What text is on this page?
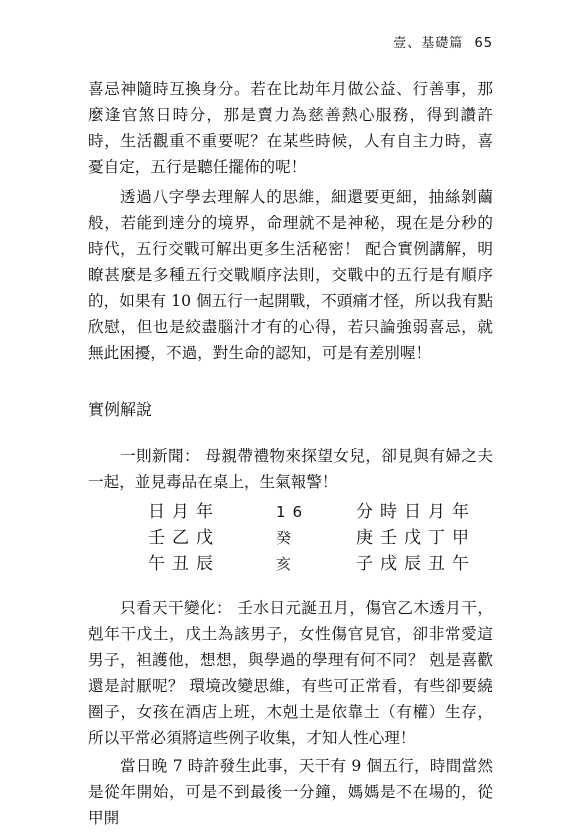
壹、基礎篇 65

喜忌神隨時互換身分。若在比劫年月做公益、行善事，那麼逢官煞日時分，那是賣力為慈善熱心服務，得到讚許時，生活觀重不重要呢？在某些時候，人有自主力時，喜憂自定，五行是聽任擺佈的呢！

透過八字學去理解人的思維，細還要更細，抽絲剝繭般，若能到達分的境界，命理就不是神秘，現在是分秒的時代，五行交戰可解出更多生活秘密！ 配合實例講解，明瞭甚麼是多種五行交戰順序法則，交戰中的五行是有順序的，如果有 10 個五行一起開戰，不頭痛才怪，所以我有點欣慰，但也是絞盡腦汁才有的心得，若只論強弱喜忌，就無此困擾，不過，對生命的認知，可是有差別喔！

實例解說

一則新聞： 母親帶禮物來探望女兒，卻見與有婦之夫一起，並見毒品在桌上，生氣報警！

日月年	16	分時日月年
壬乙戊	癸	庚壬戊丁甲
午丑辰	亥	子戌辰丑午

只看天干變化： 壬水日元誕丑月，傷官乙木透月干，剋年干戊土，戊土為該男子，女性傷官見官，卻非常愛這男子，袒護他，想想，與學過的學理有何不同？ 剋是喜歡還是討厭呢？ 環境改變思維，有些可正常看，有些卻要繞圈子，女孩在酒店上班，木剋土是依靠土（有權）生存，所以平常必須將這些例子收集，才知人性心理！

當日晚 7 時許發生此事，天干有 9 個五行，時間當然是從年開始，可是不到最後一分鐘，媽媽是不在場的，從甲開
